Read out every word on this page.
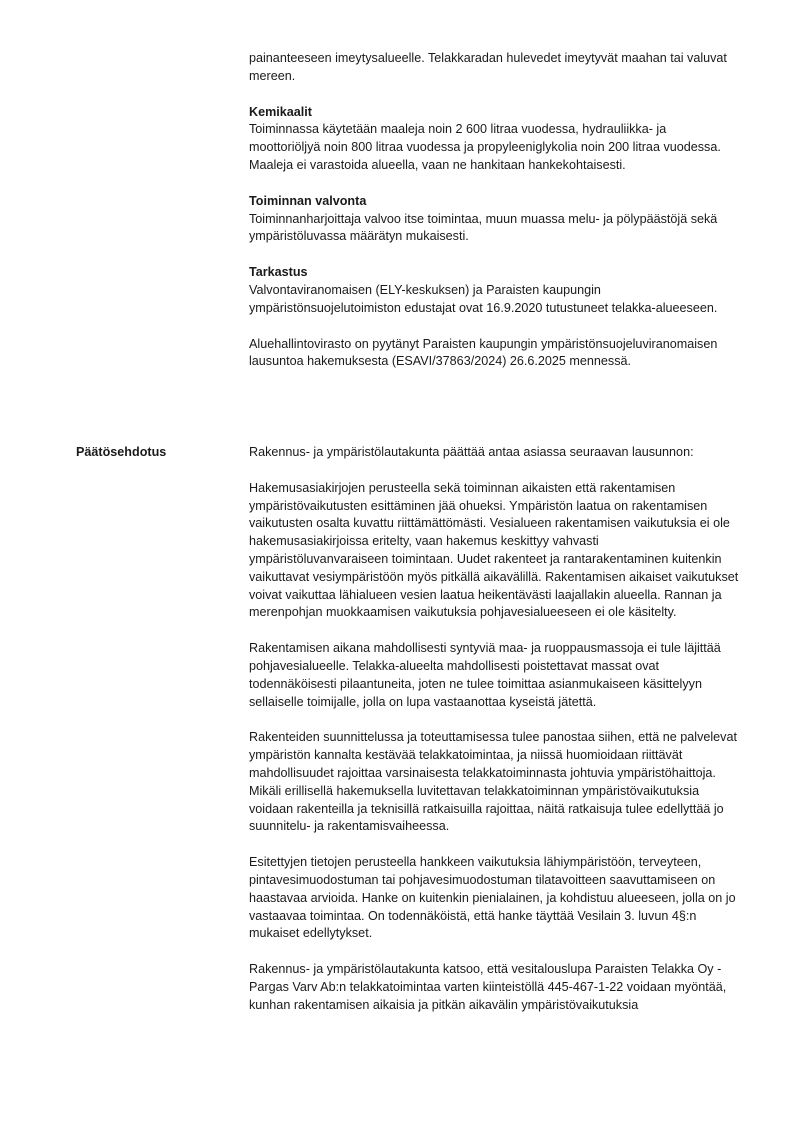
painanteeseen imeytysalueelle. Telakkaradan hulevedet imeytyvät maahan tai valuvat mereen.

Kemikaalit

Toiminnassa käytetään maaleja noin 2 600 litraa vuodessa, hydrauliikka- ja moottoriöljyä noin 800 litraa vuodessa ja propyleeniglykolia noin 200 litraa vuodessa. Maaleja ei varastoida alueella, vaan ne hankitaan hankekohtaisesti.

Toiminnan valvonta

Toiminnanharjoittaja valvoo itse toimintaa, muun muassa melu- ja pölypäästöjä sekä ympäristöluvassa määrätyn mukaisesti.

Tarkastus

Valvontaviranomaisen (ELY-keskuksen) ja Paraisten kaupungin ympäristönsuojelutoimiston edustajat ovat 16.9.2020 tutustuneet telakka-alueeseen.

Aluehallintovirasto on pyytänyt Paraisten kaupungin ympäristönsuojeluviranomaisen lausuntoa hakemuksesta (ESAVI/37863/2024) 26.6.2025 mennessä.

Päätösehdotus	Rakennus- ja ympäristölautakunta päättää antaa asiassa seuraavan lausunnon:

Hakemusasiakirjojen perusteella sekä toiminnan aikaisten että rakentamisen ympäristövaikutusten esittäminen jää ohueksi. Ympäristön laatua on rakentamisen vaikutusten osalta kuvattu riittämättömästi. Vesialueen rakentamisen vaikutuksia ei ole hakemusasiakirjoissa eritelty, vaan hakemus keskittyy vahvasti ympäristöluvanvaraiseen toimintaan. Uudet rakenteet ja rantarakentaminen kuitenkin vaikuttavat vesiympäristöön myös pitkällä aikavälillä. Rakentamisen aikaiset vaikutukset voivat vaikuttaa lähialueen vesien laatua heikentävästi laajallakin alueella. Rannan ja merenpohjan muokkaamisen vaikutuksia pohjavesialueeseen ei ole käsitelty.

Rakentamisen aikana mahdollisesti syntyviä maa- ja ruoppausmassoja ei tule läjittää pohjavesialueelle. Telakka-alueelta mahdollisesti poistettavat massat ovat todennäköisesti pilaantuneita, joten ne tulee toimittaa asianmukaiseen käsittelyyn sellaiselle toimijalle, jolla on lupa vastaanottaa kyseistä jätettä.

Rakenteiden suunnittelussa ja toteuttamisessa tulee panostaa siihen, että ne palvelevat ympäristön kannalta kestävää telakkatoimintaa, ja niissä huomioidaan riittävät mahdollisuudet rajoittaa varsinaisesta telakkatoiminnasta johtuvia ympäristöhaittoja. Mikäli erillisellä hakemuksella luvitettavan telakkatoiminnan ympäristövaikutuksia voidaan rakenteilla ja teknisillä ratkaisuilla rajoittaa, näitä ratkaisuja tulee edellyttää jo suunnitelu- ja rakentamisvaiheessa.

Esitettyjen tietojen perusteella hankkeen vaikutuksia lähiympäristöön, terveyteen, pintavesimuodostuman tai pohjavesimuodostuman tilatavoitteen saavuttamiseen on haastavaa arvioida. Hanke on kuitenkin pienialainen, ja kohdistuu alueeseen, jolla on jo vastaavaa toimintaa. On todennäköistä, että hanke täyttää Vesilain 3. luvun 4§:n mukaiset edellytykset.

Rakennus- ja ympäristölautakunta katsoo, että vesitalouslupa Paraisten Telakka Oy - Pargas Varv Ab:n telakkatoimintaa varten kiinteistöllä 445-467-1-22 voidaan myöntää, kunhan rakentamisen aikaisia ja pitkän aikavälin ympäristövaikutuksia
